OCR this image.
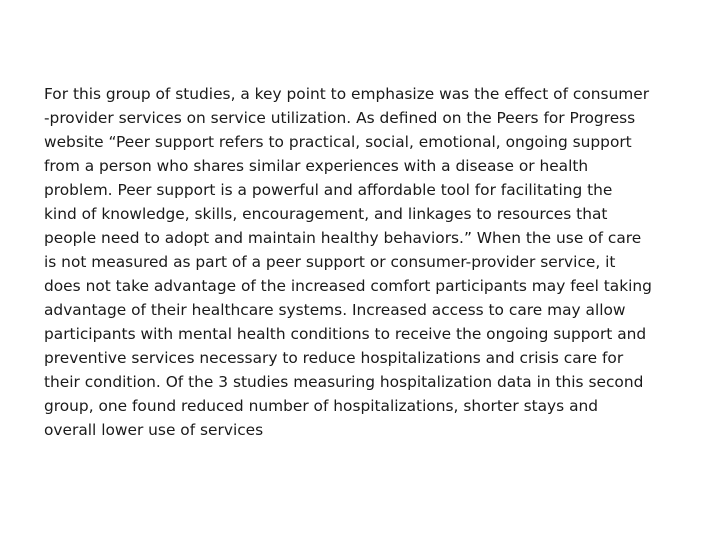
For this group of studies, a key point to emphasize was the effect of consumer
-provider services on service utilization. As defined on the Peers for Progress
website “Peer support refers to practical, social, emotional, ongoing support
from a person who shares similar experiences with a disease or health
problem. Peer support is a powerful and affordable tool for facilitating the
kind of knowledge, skills, encouragement, and linkages to resources that
people need to adopt and maintain healthy behaviors.” When the use of care
is not measured as part of a peer support or consumer-provider service, it
does not take advantage of the increased comfort participants may feel taking
advantage of their healthcare systems. Increased access to care may allow
participants with mental health conditions to receive the ongoing support and
preventive services necessary to reduce hospitalizations and crisis care for
their condition. Of the 3 studies measuring hospitalization data in this second
group, one found reduced number of hospitalizations, shorter stays and
overall lower use of services
